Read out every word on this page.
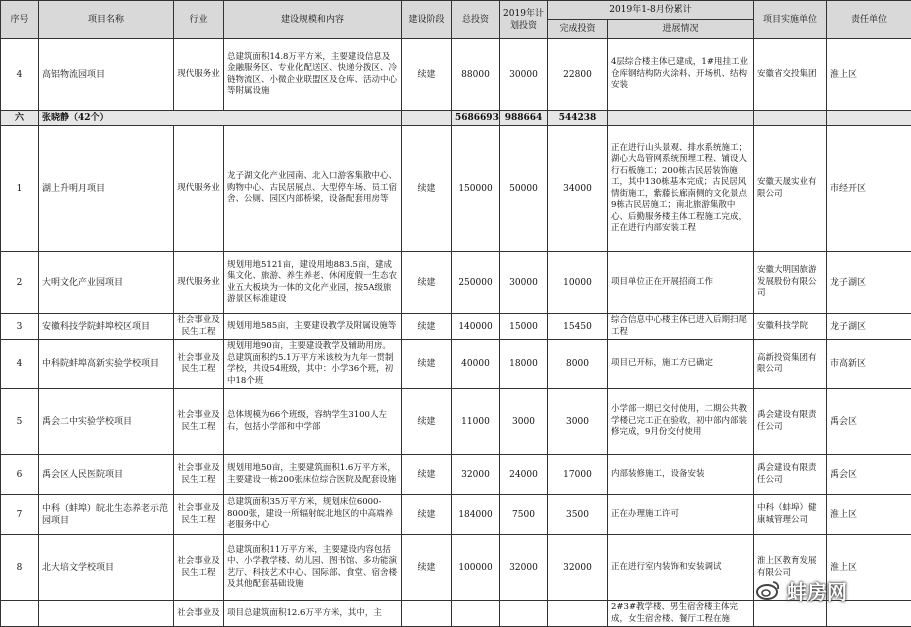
序号	项目名称	行业	建设规模和内容	建设阶段	总投资	2019年计划投资	2019年1-8月份累计		项目实施单位	责任单位
							完成投资	进展情况		
4	高铝物流园项目	现代服务业	总建筑面积14.8万平方米，主要建设信息及金融服务区、专业化配送区、快递分拨区、冷链物流区、小微企业联盟区及仓库、活动中心等附属设施	续建	88000	30000	22800	4层综合楼主体已建成，1#甩挂工业仓库钢结构防火涂料、开场机、结构安装	安徽省交投集团	淮上区
六	张晓静（42个）				5686693	988664	544238			
1	湖上升明月项目	现代服务业	龙子湖文化产业园南、北入口游客集散中心、购物中心、古民居展点、大型停车场、员工宿舍、公厕、园区内部桥梁，设备配套用房等	续建	150000	50000	34000	正在进行山头景观、排水系统施工；湖心大岛管网系统预埋工程、铺设人行石板施工；200栋古民居装饰施工，其中130栋基本完成；古民居风情街施工，紫藤长廊南侧的文化景点9栋古民居施工；南北旅游集散中心、后勤服务楼主体工程施工完成，正在进行内部安装工程	安徽天晟实业有限公司	市经开区
2	大明文化产业园项目	现代服务业	规划用地5121亩，建设用地883.5亩，建成集文化、旅游、养生养老、休闲度假一生态农业五大板块为一体的文化产业园，按5A级旅游景区标准建设	续建	250000	30000	10000	项目单位正在开展招商工作	安徽大明国旅游发展股份有限公司	龙子湖区
3	安徽科技学院蚌埠校区项目	社会事业及民生工程	规划用地585亩，主要建设教学及附属设施等	续建	140000	15000	15450	综合信息中心楼主体已进入后期扫尾工程	安徽科技学院	龙子湖区
4	中科院蚌埠高新实验学校项目	社会事业及民生工程	规划用地90亩，主要建设教学及辅助用房。总建筑面积约5.1万平方米该校为九年一贯制学校，共设54班级，其中：小学36个班，初中18个班	续建	40000	18000	8000	项目已开标，施工方已确定	高新投资集团有限公司	市高新区
5	禹会二中实验学校项目	社会事业及民生工程	总体规模为66个班级，容纳学生3100人左右，包括小学部和中学部	续建	11000	3000	3000	小学部一期已交付使用，二期公共教学楼已完工正在验收，初中部内部装修完成，9月份交付使用	禹会建设有限责任公司	禹会区
6	禹会区人民医院项目	社会事业及民生工程	规划用地50亩，主要建筑面积1.6万平方米，主要建设一栋200张床位综合医院及配套设施	续建	32000	24000	17000	内部装修施工，设备安装	禹会建设有限责任公司	禹会区
7	中科（蚌埠）皖北生态养老示范园项目	社会事业及民生工程	总建筑面积35万平方米，规划床位6000-8000张，建设一所辐射皖北地区的中高端养老服务中心	续建	184000	7500	3500	正在办理施工许可	中科（蚌埠）健康城管理公司	淮上区
8	北大培文学校项目	社会事业及民生工程	总建筑面积11万平方米，主要建设内容包括中、小学教学楼、幼儿园、图书馆、多功能演艺厅、科技艺术中心、国际部、食堂、宿舍楼及其他配套基础设施	续建	100000	32000	32000	正在进行室内装饰和安装调试	淮上区教育发展有限公司	淮上区
		社会事业及	项目总建筑面积12.6万平方米，其中，主					2#3#教学楼、男生宿舍楼主体完成，女生宿舍楼、餐厅工程在施		
蚌房网
